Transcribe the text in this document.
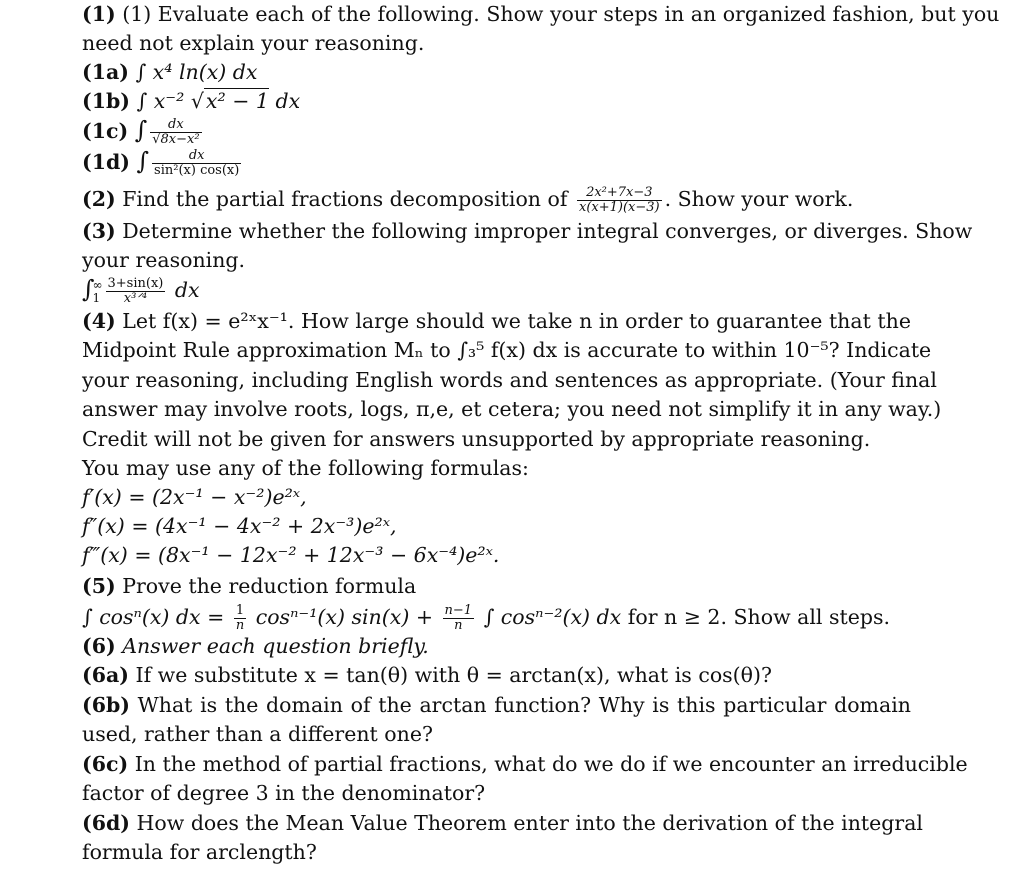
(1) (1) Evaluate each of the following. Show your steps in an organized fashion, but you
need not explain your reasoning.
(1a) ∫ x⁴ ln(x) dx
(1b) ∫ x⁻² √x² − 1 dx
(1c) ∫ $\frac{dx}{\text{√8x−x²}}$
(1d) ∫ $\frac{dx}{\text{sin²(x) cos(x)}}$
(2) Find the partial fractions decomposition of $\frac{\text{2x²+7x−3}}{x(x+1)(x-3)}$ . Show your work.
(3) Determine whether the following improper integral converges, or diverges. Show
your reasoning.
∫
∞
$1 \frac{3+\sin(x)}{\text{x³ᐟ⁴}}$ dx
(4) Let f(x) = e²ˣx⁻¹. How large should we take n in order to guarantee that the
Midpoint Rule approximation Mₙ to ∫₃⁵ f(x) dx is accurate to within 10⁻⁵? Indicate
your reasoning, including English words and sentences as appropriate. (Your final
answer may involve roots, logs, π,e, et cetera; you need not simplify it in any way.)
Credit will not be given for answers unsupported by appropriate reasoning.
You may use any of the following formulas:
f′(x) = (2x⁻¹ − x⁻²)e²ˣ,
f″(x) = (4x⁻¹ − 4x⁻² + 2x⁻³)e²ˣ,
f‴(x) = (8x⁻¹ − 12x⁻² + 12x⁻³ − 6x⁻⁴)e²ˣ.
(5) Prove the reduction formula
∫ cosⁿ(x) dx = $\frac{1}{n} \cos^{n-1}(x) \sin(x) + \frac{n-1}{n}$ ∫ cosⁿ⁻²(x) dx for n ≥ 2. Show all steps.
(6) Answer each question briefly.
(6a) If we substitute x = tan(θ) with θ = arctan(x), what is cos(θ)?
(6b) What is the domain of the arctan function? Why is this particular domain
used, rather than a different one?
(6c) In the method of partial fractions, what do we do if we encounter an irreducible
factor of degree 3 in the denominator?
(6d) How does the Mean Value Theorem enter into the derivation of the integral
formula for arclength?
